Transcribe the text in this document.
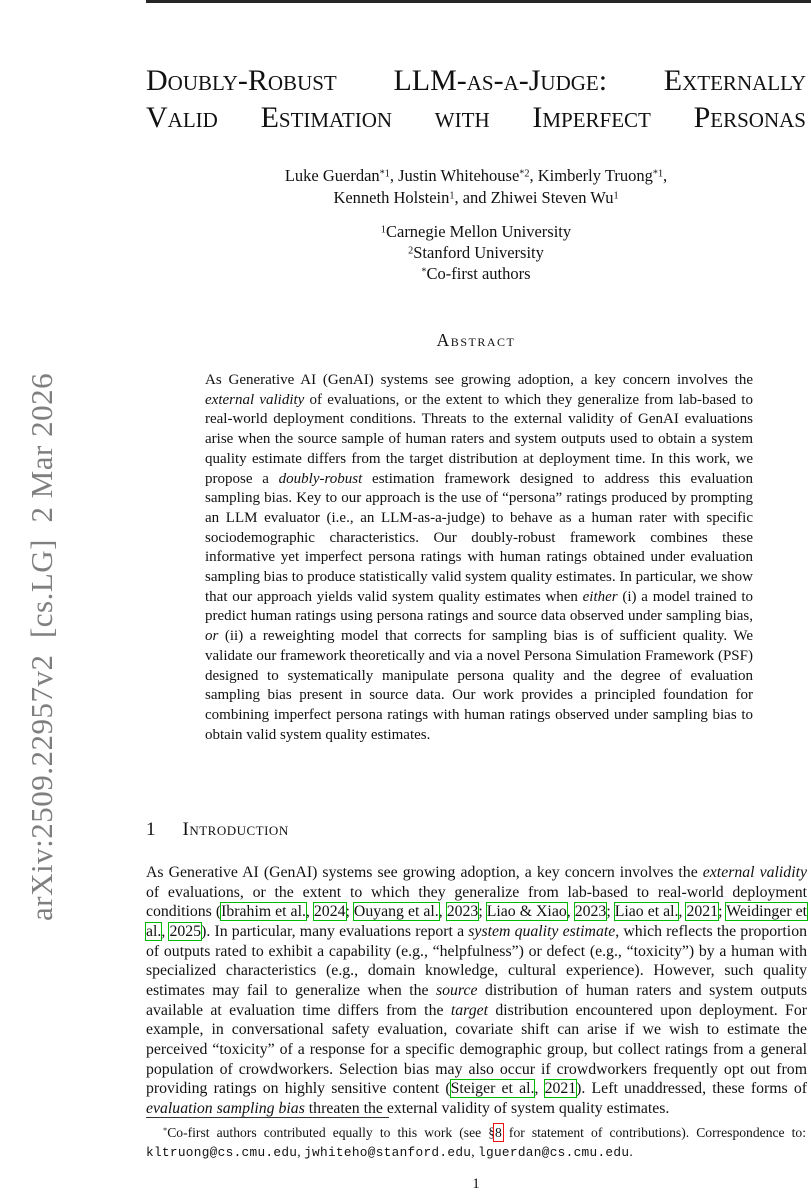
arXiv:2509.22957v2  [cs.LG]  2 Mar 2026
Doubly-Robust LLM-as-a-Judge: Externally
Valid Estimation with Imperfect Personas
Luke Guerdan$^{*1}$, Justin Whitehouse$^{*2}$, Kimberly Truong$^{*1}$,
Kenneth Holstein$^1$, and Zhiwei Steven Wu$^1$
$^1$Carnegie Mellon University
$^2$Stanford University
*Co-first authors
Abstract
As Generative AI (GenAI) systems see growing adoption, a key concern involves the external validity of evaluations, or the extent to which they generalize from lab-based to real-world deployment conditions. Threats to the external validity of GenAI evaluations arise when the source sample of human raters and system outputs used to obtain a system quality estimate differs from the target distribution at deployment time. In this work, we propose a doubly-robust estimation framework designed to address this evaluation sampling bias. Key to our approach is the use of “persona” ratings produced by prompting an LLM evaluator (i.e., an LLM-as-a-judge) to behave as a human rater with specific sociodemographic characteristics. Our doubly-robust framework combines these informative yet imperfect persona ratings with human ratings obtained under evaluation sampling bias to produce statistically valid system quality estimates. In particular, we show that our approach yields valid system quality estimates when either (i) a model trained to predict human ratings using persona ratings and source data observed under sampling bias, or (ii) a reweighting model that corrects for sampling bias is of sufficient quality. We validate our framework theoretically and via a novel Persona Simulation Framework (PSF) designed to systematically manipulate persona quality and the degree of evaluation sampling bias present in source data. Our work provides a principled foundation for combining imperfect persona ratings with human ratings observed under sampling bias to obtain valid system quality estimates.
1 Introduction
As Generative AI (GenAI) systems see growing adoption, a key concern involves the external validity of evaluations, or the extent to which they generalize from lab-based to real-world deployment conditions (Ibrahim et al., 2024; Ouyang et al., 2023; Liao & Xiao, 2023; Liao et al., 2021; Weidinger et al., 2025). In particular, many evaluations report a system quality estimate, which reflects the proportion of outputs rated to exhibit a capability (e.g., “helpfulness”) or defect (e.g., “toxicity”) by a human with specialized characteristics (e.g., domain knowledge, cultural experience). However, such quality estimates may fail to generalize when the source distribution of human raters and system outputs available at evaluation time differs from the target distribution encountered upon deployment. For example, in conversational safety evaluation, covariate shift can arise if we wish to estimate the perceived “toxicity” of a response for a specific demographic group, but collect ratings from a general population of crowdworkers. Selection bias may also occur if crowdworkers frequently opt out from providing ratings on highly sensitive content (Steiger et al., 2021). Left unaddressed, these forms of evaluation sampling bias threaten the external validity of system quality estimates.
*Co-first authors contributed equally to this work (see §8 for statement of contributions). Correspondence to: kltruong@cs.cmu.edu, jwhiteho@stanford.edu, lguerdan@cs.cmu.edu.
1
